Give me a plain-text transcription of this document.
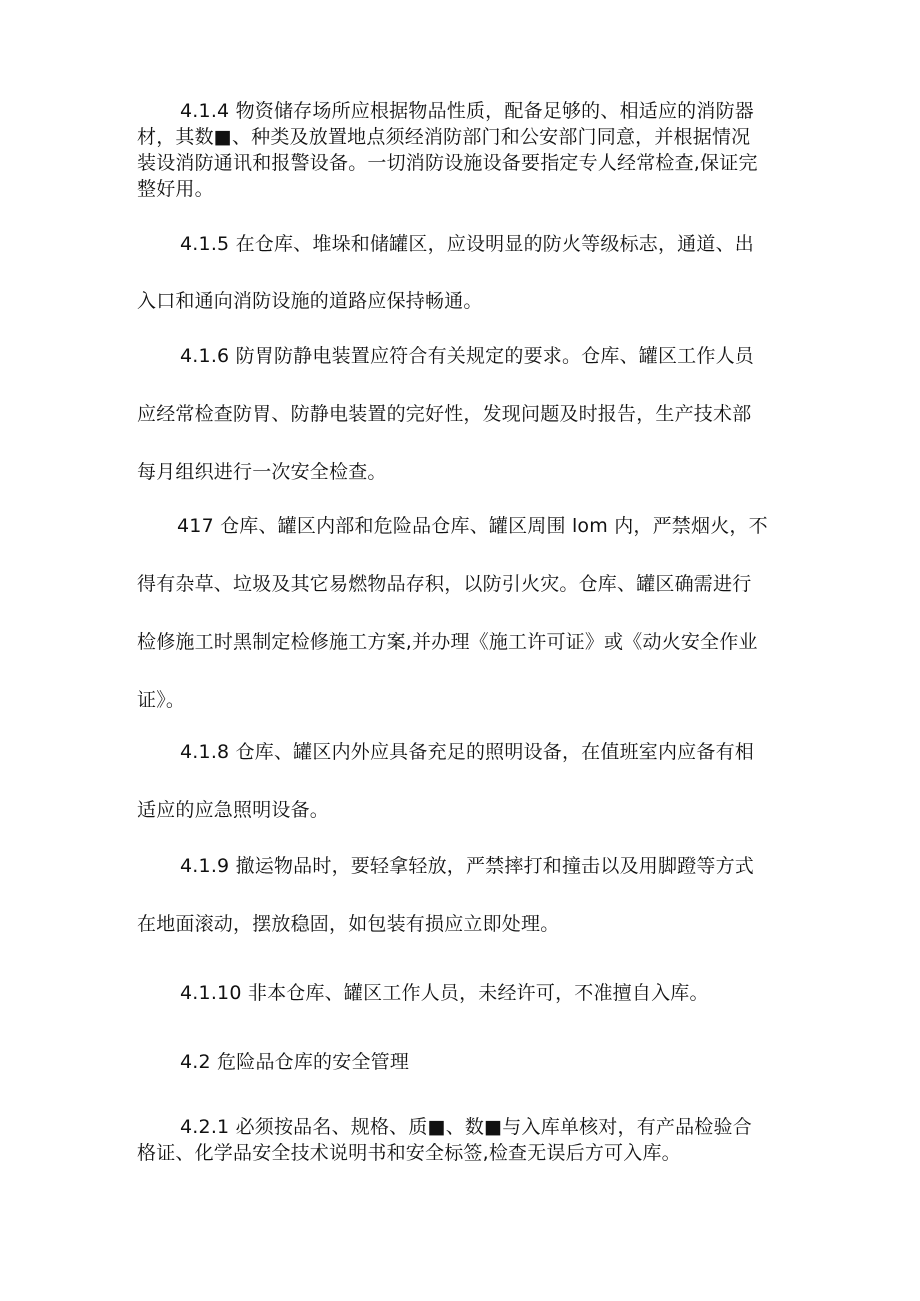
4.1.4 物资储存场所应根据物品性质，配备足够的、相适应的消防器
材，其数■、种类及放置地点须经消防部门和公安部门同意，并根据情况
装设消防通讯和报警设备。一切消防设施设备要指定专人经常检查,保证完
整好用。

4.1.5 在仓库、堆垛和储罐区，应设明显的防火等级标志，通道、出
入口和通向消防设施的道路应保持畅通。

4.1.6 防胃防静电装置应符合有关规定的要求。仓库、罐区工作人员
应经常检查防胃、防静电装置的完好性，发现问题及时报告，生产技术部
每月组织进行一次安全检查。

417 仓库、罐区内部和危险品仓库、罐区周围 lom 内，严禁烟火，不
得有杂草、垃圾及其它易燃物品存积，以防引火灾。仓库、罐区确需进行
检修施工时黑制定检修施工方案,并办理《施工许可证》或《动火安全作业
证》。

4.1.8 仓库、罐区内外应具备充足的照明设备，在值班室内应备有相
适应的应急照明设备。

4.1.9 撤运物品时，要轻拿轻放，严禁摔打和撞击以及用脚蹬等方式
在地面滚动，摆放稳固，如包装有损应立即处理。

4.1.10 非本仓库、罐区工作人员，未经许可，不准擅自入库。

4.2 危险品仓库的安全管理

4.2.1 必须按品名、规格、质■、数■与入库单核对，有产品检验合
格证、化学品安全技术说明书和安全标签,检查无误后方可入库。
